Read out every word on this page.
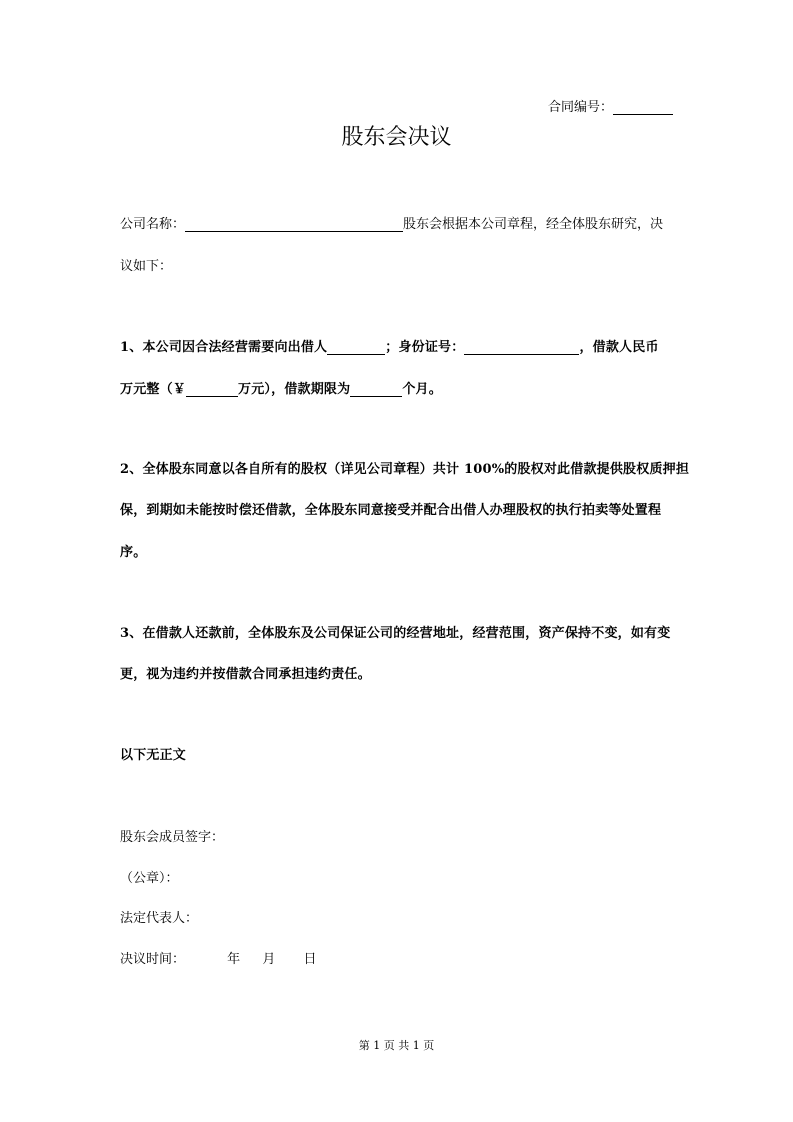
合同编号：
股东会决议
公司名称：	股东会根据本公司章程，经全体股东研究，决
议如下：
1、本公司因合法经营需要向出借人	；身份证号：	，借款人民币
万元整（￥	万元），借款期限为	个月。
2、全体股东同意以各自所有的股权（详见公司章程）共计 100%的股权对此借款提供股权质押担
保，到期如未能按时偿还借款，全体股东同意接受并配合出借人办理股权的执行拍卖等处置程
序。
3、在借款人还款前，全体股东及公司保证公司的经营地址，经营范围，资产保持不变，如有变
更，视为违约并按借款合同承担违约责任。
以下无正文
股东会成员签字：
（公章）：
法定代表人：
决议时间：	年 月 日
第 1 页 共 1 页
